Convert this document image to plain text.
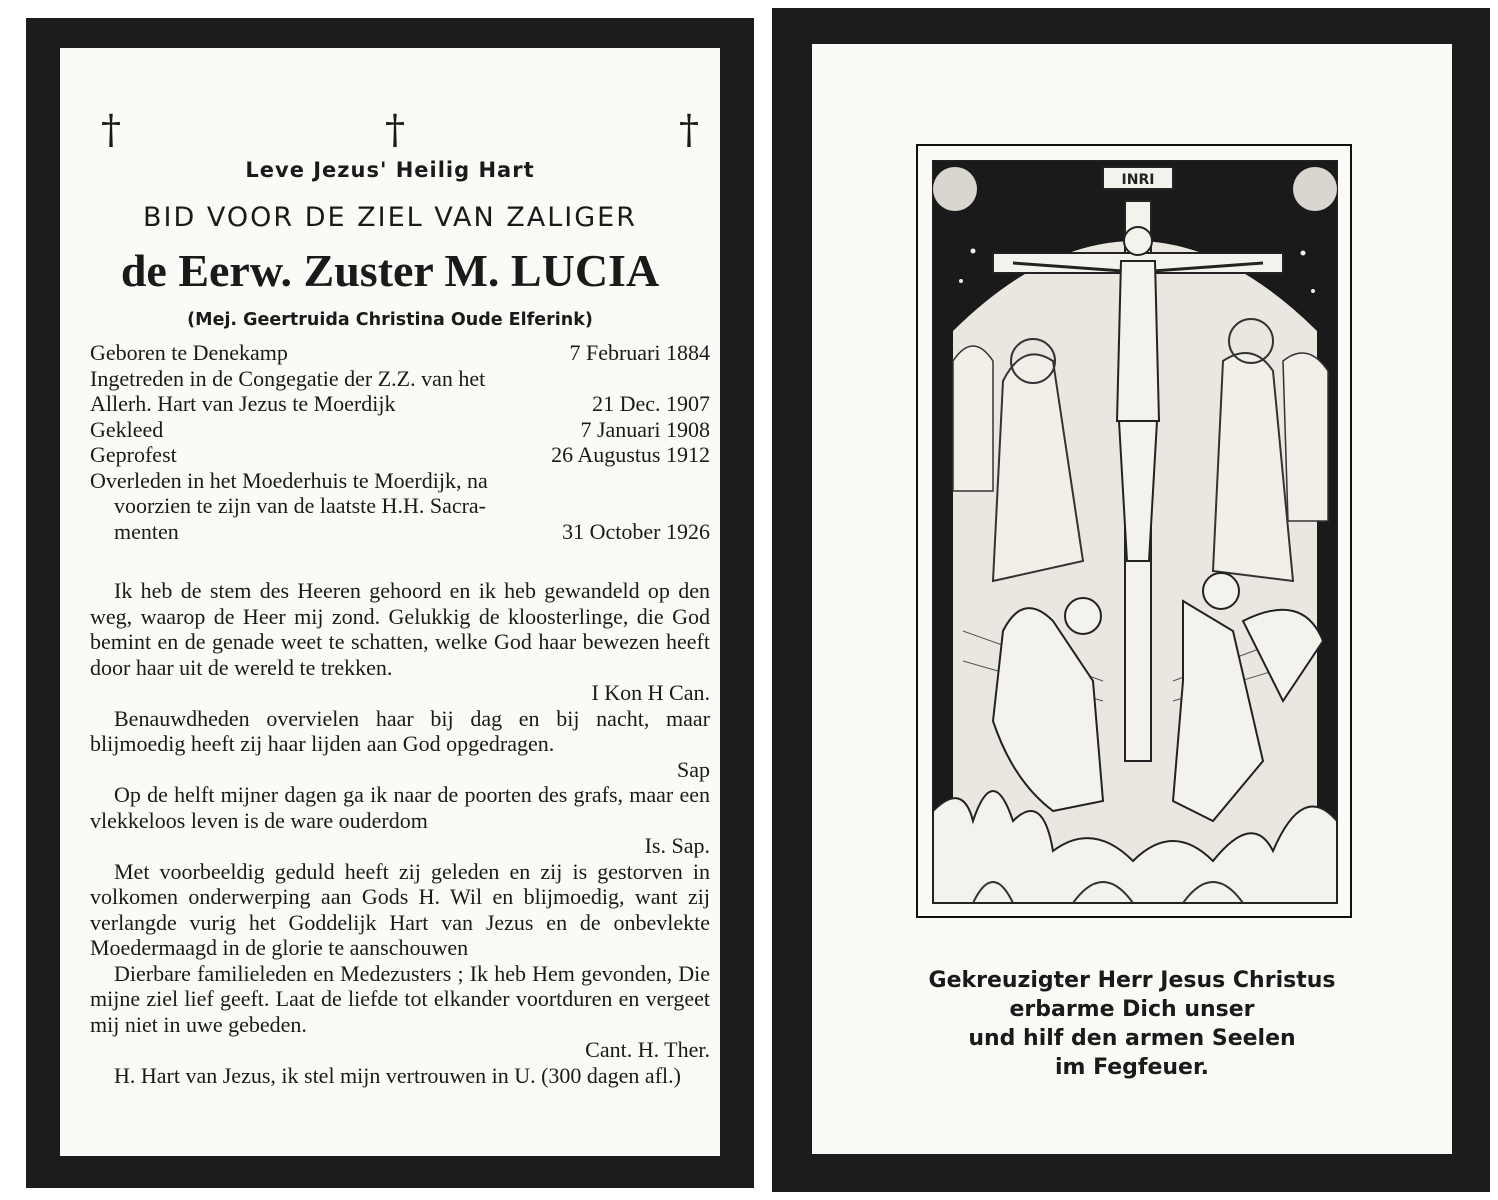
†	†	†
Leve Jezus' Heilig Hart
BID VOOR DE ZIEL VAN ZALIGER
de Eerw. Zuster M. LUCIA
(Mej. Geertruida Christina Oude Elferink)
Geboren te Denekamp	7 Februari 1884
Ingetreden in de Congegatie der Z.Z. van het
Allerh. Hart van Jezus te Moerdijk	21 Dec. 1907
Gekleed	7 Januari 1908
Geprofest	26 Augustus 1912
Overleden in het Moederhuis te Moerdijk, na
voorzien te zijn van de laatste H.H. Sacra-
menten	31 October 1926

Ik heb de stem des Heeren gehoord en ik heb gewandeld op den weg, waarop de Heer mij zond. Gelukkig de kloosterlinge, die God bemint en de genade weet te schatten, welke God haar bewezen heeft door haar uit de wereld te trekken.
I Kon H Can.

Benauwdheden overvielen haar bij dag en bij nacht, maar blijmoedig heeft zij haar lijden aan God opgedragen.
Sap

Op de helft mijner dagen ga ik naar de poorten des grafs, maar een vlekkeloos leven is de ware ouderdom
Is. Sap.

Met voorbeeldig geduld heeft zij geleden en zij is gestorven in volkomen onderwerping aan Gods H. Wil en blijmoedig, want zij verlangde vurig het Goddelijk Hart van Jezus en de onbevlekte Moedermaagd in de glorie te aanschouwen

Dierbare familieleden en Medezusters ; Ik heb Hem gevonden, Die mijne ziel lief geeft. Laat de liefde tot elkander voortduren en vergeet mij niet in uwe gebeden.
Cant. H. Ther.

H. Hart van Jezus, ik stel mijn vertrouwen in U. (300 dagen afl.)

INRI
Gekreuzigter Herr Jesus Christus
erbarme Dich unser
und hilf den armen Seelen
im Fegfeuer.
